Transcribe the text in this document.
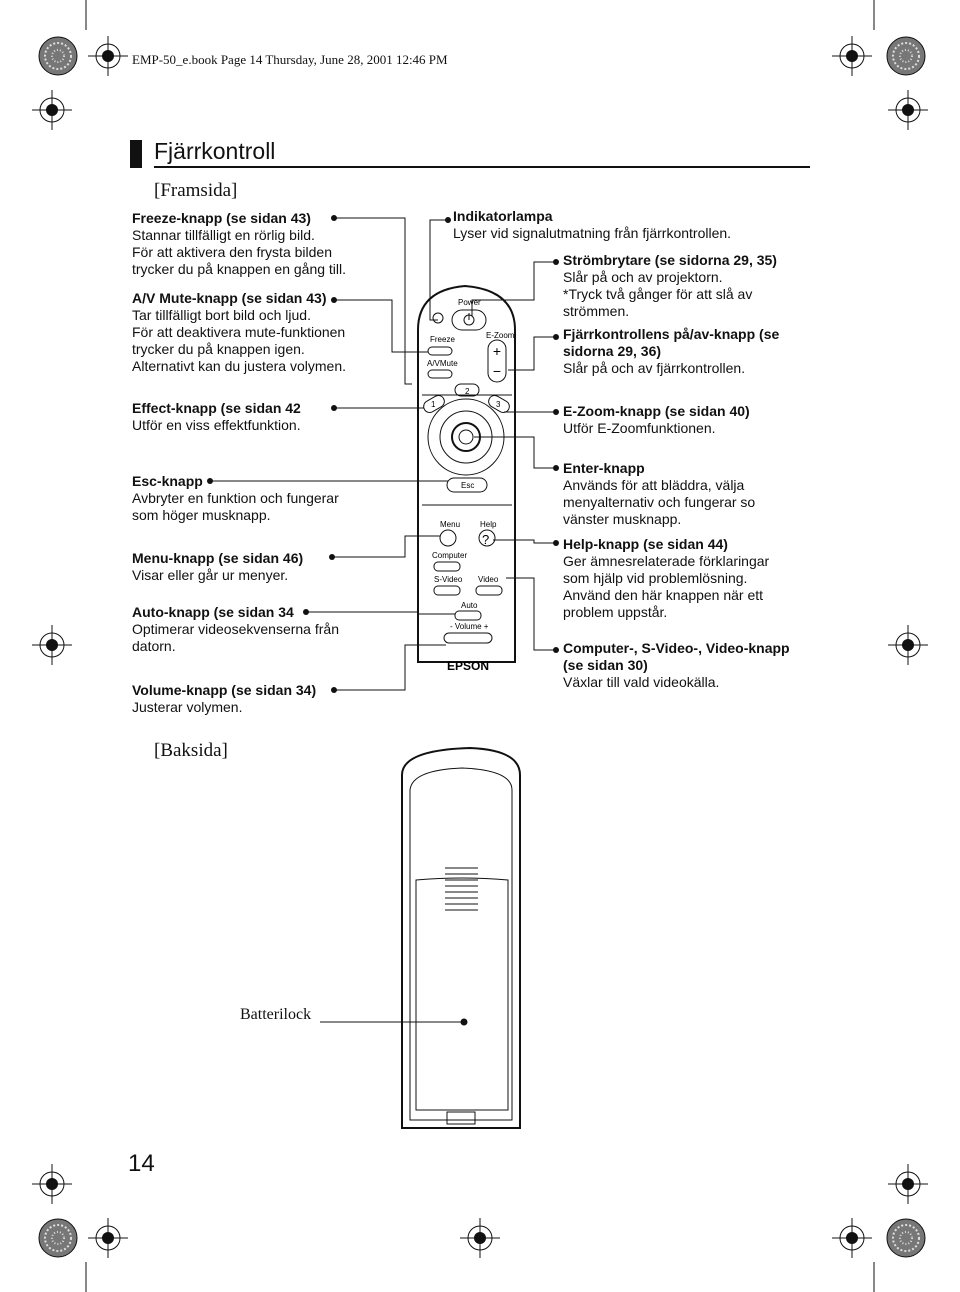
EMP-50_e.book Page 14 Thursday, June 28, 2001 12:46 PM
Fjärrkontroll
[Framsida]
[Baksida]
Freeze-knapp (se sidan 43)
Stannar tillfälligt en rörlig bild.
För att aktivera den frysta bilden
trycker du på knappen en gång till.
A/V Mute-knapp (se sidan 43)
Tar tillfälligt bort bild och ljud.
För att deaktivera mute-funktionen
trycker du på knappen igen.
Alternativt kan du justera volymen.
Effect-knapp (se sidan 42
Utför en viss effektfunktion.
Esc-knapp
Avbryter en funktion och fungerar
som höger musknapp.
Menu-knapp (se sidan 46)
Visar eller går ur menyer.
Auto-knapp (se sidan 34
Optimerar videosekvenserna från
datorn.
Volume-knapp (se sidan 34)
Justerar volymen.
Indikatorlampa
Lyser vid signalutmatning från fjärrkontrollen.
Strömbrytare (se sidorna 29, 35)
Slår på och av projektorn.
*Tryck två gånger för att slå av
strömmen.
Fjärrkontrollens på/av-knapp (se
sidorna 29, 36)
Slår på och av fjärrkontrollen.
E-Zoom-knapp (se sidan 40)
Utför E-Zoomfunktionen.
Enter-knapp
Används för att bläddra, välja
menyalternativ och fungerar so
vänster musknapp.
Help-knapp (se sidan 44)
Ger ämnesrelaterade förklaringar
som hjälp vid problemlösning.
Använd den här knappen när ett
problem uppstår.
Computer-, S-Video-, Video-knapp
(se sidan 30)
Växlar till vald videokälla.
14
Batterilock
Power
Freeze
A/VMute
E-Zoom
+
−
1
2
3
Esc
Menu Help
?
Computer
S-Video Video
Auto
- Volume +
EPSON
